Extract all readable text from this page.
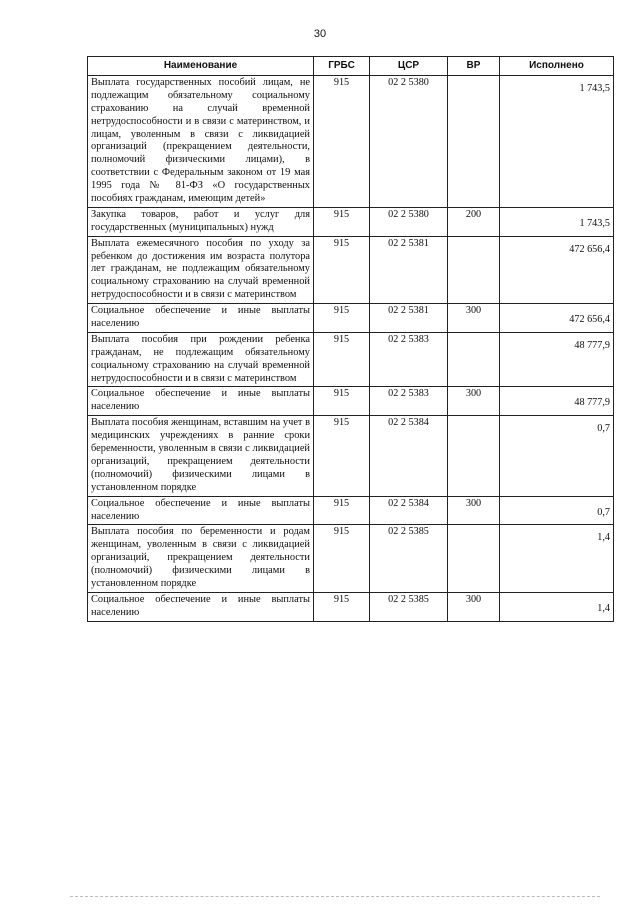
30
Наименование	ГРБС	ЦСР	ВР	Исполнено
Выплата государственных пособий лицам, не подлежащим обязательному социальному страхованию на случай временной нетрудоспособности и в связи с материнством, и лицам, уволенным в связи с ликвидацией организаций (прекращением деятельности, полномочий физическими лицами), в соответствии с Федеральным законом от 19 мая 1995 года № 81-ФЗ «О государственных пособиях гражданам, имеющим детей»	915	02 2 5380		1 743,5
Закупка товаров, работ и услуг для государственных (муниципальных) нужд	915	02 2 5380	200	1 743,5
Выплата ежемесячного пособия по уходу за ребенком до достижения им возраста полутора лет гражданам, не подлежащим обязательному социальному страхованию на случай временной нетрудоспособности и в связи с материнством	915	02 2 5381		472 656,4
Социальное обеспечение и иные выплаты населению	915	02 2 5381	300	472 656,4
Выплата пособия при рождении ребенка гражданам, не подлежащим обязательному социальному страхованию на случай временной нетрудоспособности и в связи с материнством	915	02 2 5383		48 777,9
Социальное обеспечение и иные выплаты населению	915	02 2 5383	300	48 777,9
Выплата пособия женщинам, вставшим на учет в медицинских учреждениях в ранние сроки беременности, уволенным в связи с ликвидацией организаций, прекращением деятельности (полномочий) физическими лицами в установленном порядке	915	02 2 5384		0,7
Социальное обеспечение и иные выплаты населению	915	02 2 5384	300	0,7
Выплата пособия по беременности и родам женщинам, уволенным в связи с ликвидацией организаций, прекращением деятельности (полномочий) физическими лицами в установленном порядке	915	02 2 5385		1,4
Социальное обеспечение и иные выплаты населению	915	02 2 5385	300	1,4
